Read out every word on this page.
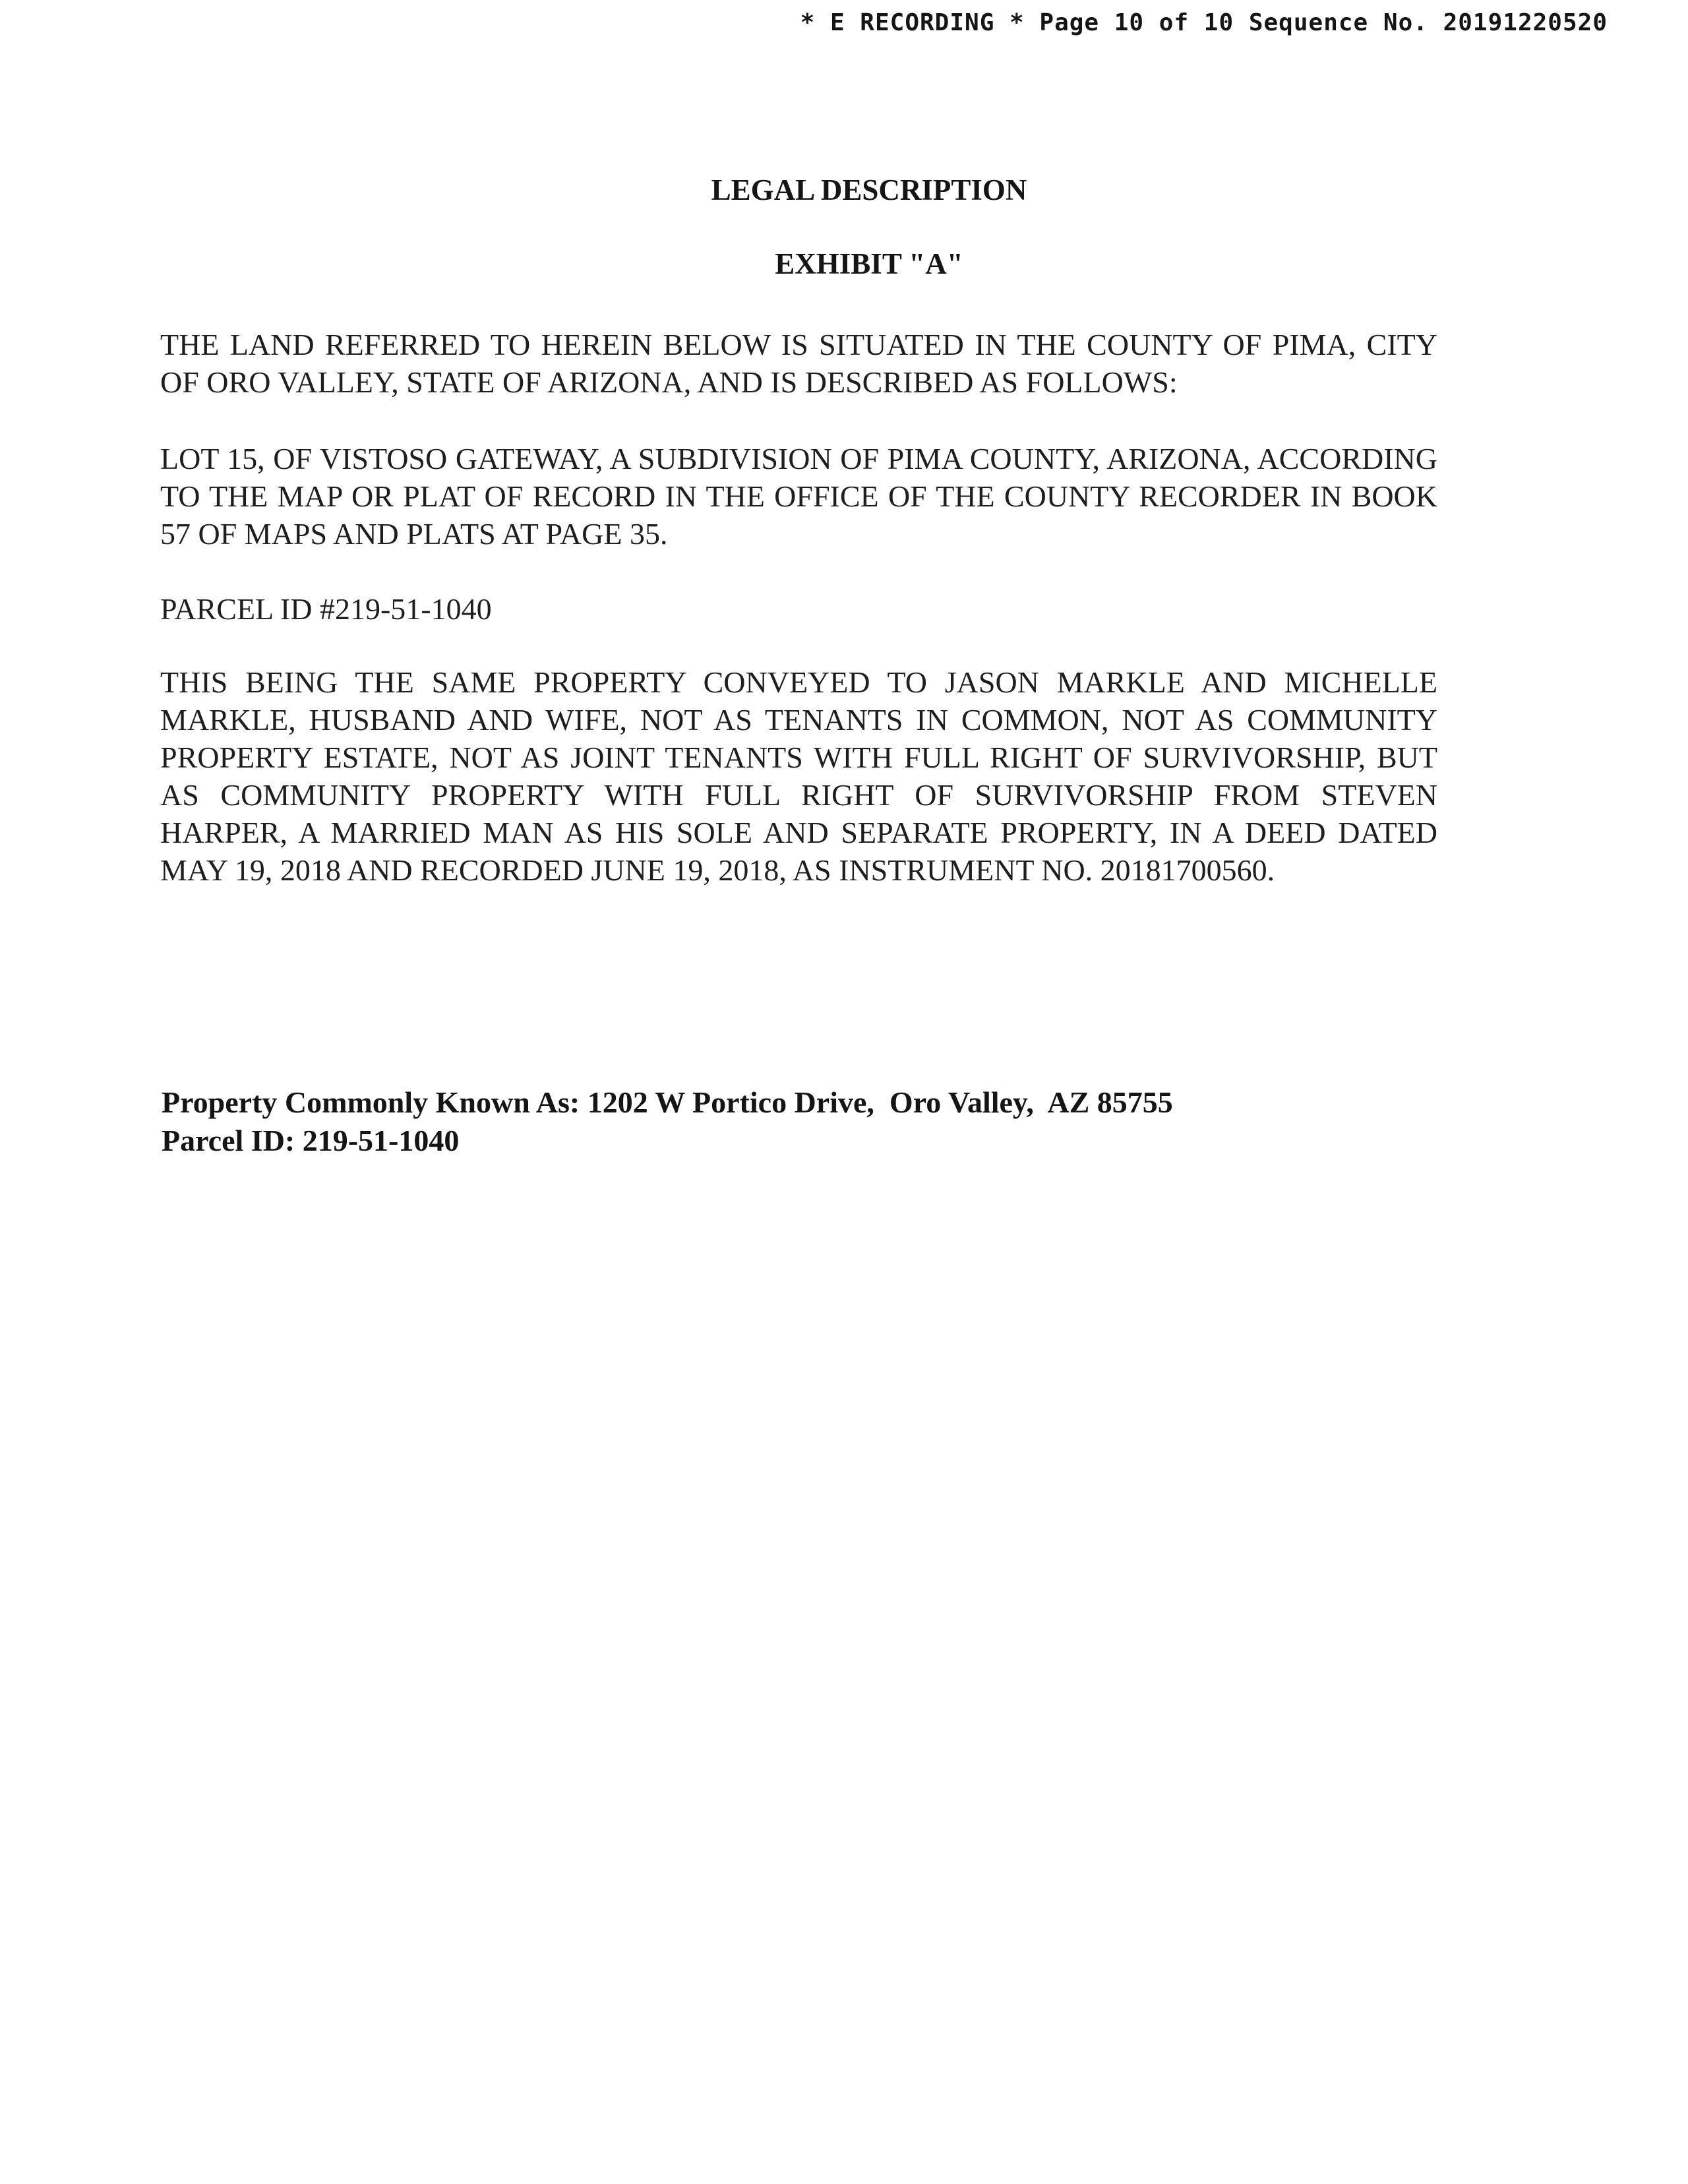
* E RECORDING * Page 10 of 10 Sequence No. 20191220520
LEGAL DESCRIPTION
EXHIBIT "A"

THE LAND REFERRED TO HEREIN BELOW IS SITUATED IN THE COUNTY OF PIMA, CITY OF ORO VALLEY, STATE OF ARIZONA, AND IS DESCRIBED AS FOLLOWS:

LOT 15, OF VISTOSO GATEWAY, A SUBDIVISION OF PIMA COUNTY, ARIZONA, ACCORDING TO THE MAP OR PLAT OF RECORD IN THE OFFICE OF THE COUNTY RECORDER IN BOOK 57 OF MAPS AND PLATS AT PAGE 35.

PARCEL ID #219-51-1040

THIS BEING THE SAME PROPERTY CONVEYED TO JASON MARKLE AND MICHELLE MARKLE, HUSBAND AND WIFE, NOT AS TENANTS IN COMMON, NOT AS COMMUNITY PROPERTY ESTATE, NOT AS JOINT TENANTS WITH FULL RIGHT OF SURVIVORSHIP, BUT AS COMMUNITY PROPERTY WITH FULL RIGHT OF SURVIVORSHIP FROM STEVEN HARPER, A MARRIED MAN AS HIS SOLE AND SEPARATE PROPERTY, IN A DEED DATED MAY 19, 2018 AND RECORDED JUNE 19, 2018, AS INSTRUMENT NO. 20181700560.

Property Commonly Known As: 1202 W Portico Drive,  Oro Valley,  AZ 85755
Parcel ID: 219-51-1040
